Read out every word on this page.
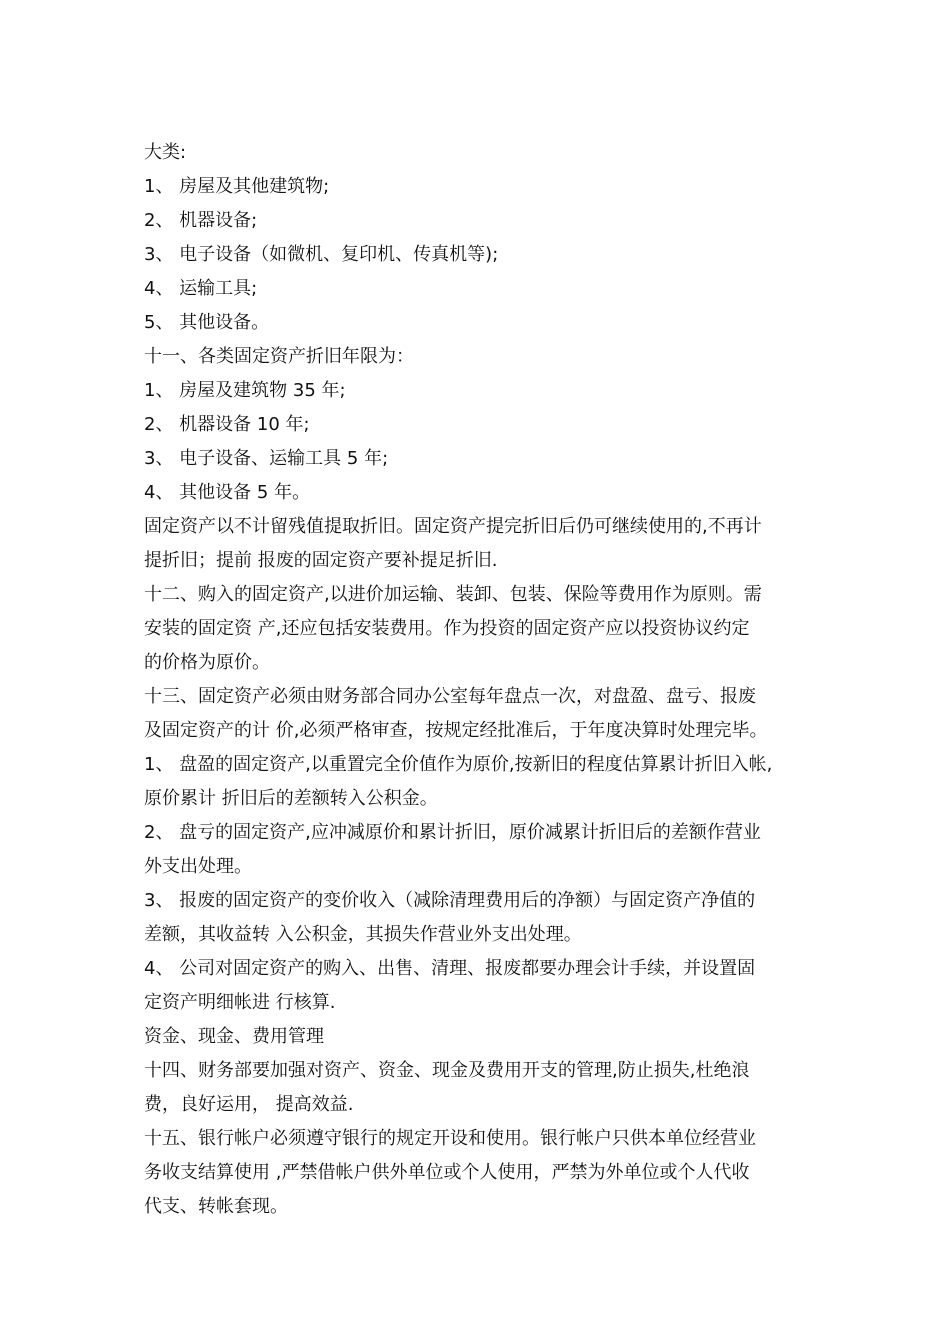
大类:
1、 房屋及其他建筑物;
2、 机器设备;
3、 电子设备（如微机、复印机、传真机等);
4、 运输工具;
5、 其他设备。
十一、各类固定资产折旧年限为：
1、 房屋及建筑物 35 年;
2、 机器设备 10 年;
3、 电子设备、运输工具 5 年;
4、 其他设备 5 年。
固定资产以不计留残值提取折旧。固定资产提完折旧后仍可继续使用的,不再计
提折旧；提前 报废的固定资产要补提足折旧.
十二、购入的固定资产,以进价加运输、装卸、包装、保险等费用作为原则。需
安装的固定资 产,还应包括安装费用。作为投资的固定资产应以投资协议约定
的价格为原价。
十三、固定资产必须由财务部合同办公室每年盘点一次，对盘盈、盘亏、报废
及固定资产的计 价,必须严格审查，按规定经批准后，于年度决算时处理完毕。
1、 盘盈的固定资产,以重置完全价值作为原价,按新旧的程度估算累计折旧入帐,
原价累计 折旧后的差额转入公积金。
2、 盘亏的固定资产,应冲减原价和累计折旧，原价减累计折旧后的差额作营业
外支出处理。
3、 报废的固定资产的变价收入（减除清理费用后的净额）与固定资产净值的
差额，其收益转 入公积金，其损失作营业外支出处理。
4、 公司对固定资产的购入、出售、清理、报废都要办理会计手续，并设置固
定资产明细帐进 行核算.
资金、现金、费用管理
十四、财务部要加强对资产、资金、现金及费用开支的管理,防止损失,杜绝浪
费，良好运用， 提高效益.
十五、银行帐户必须遵守银行的规定开设和使用。银行帐户只供本单位经营业
务收支结算使用 ,严禁借帐户供外单位或个人使用，严禁为外单位或个人代收
代支、转帐套现。
